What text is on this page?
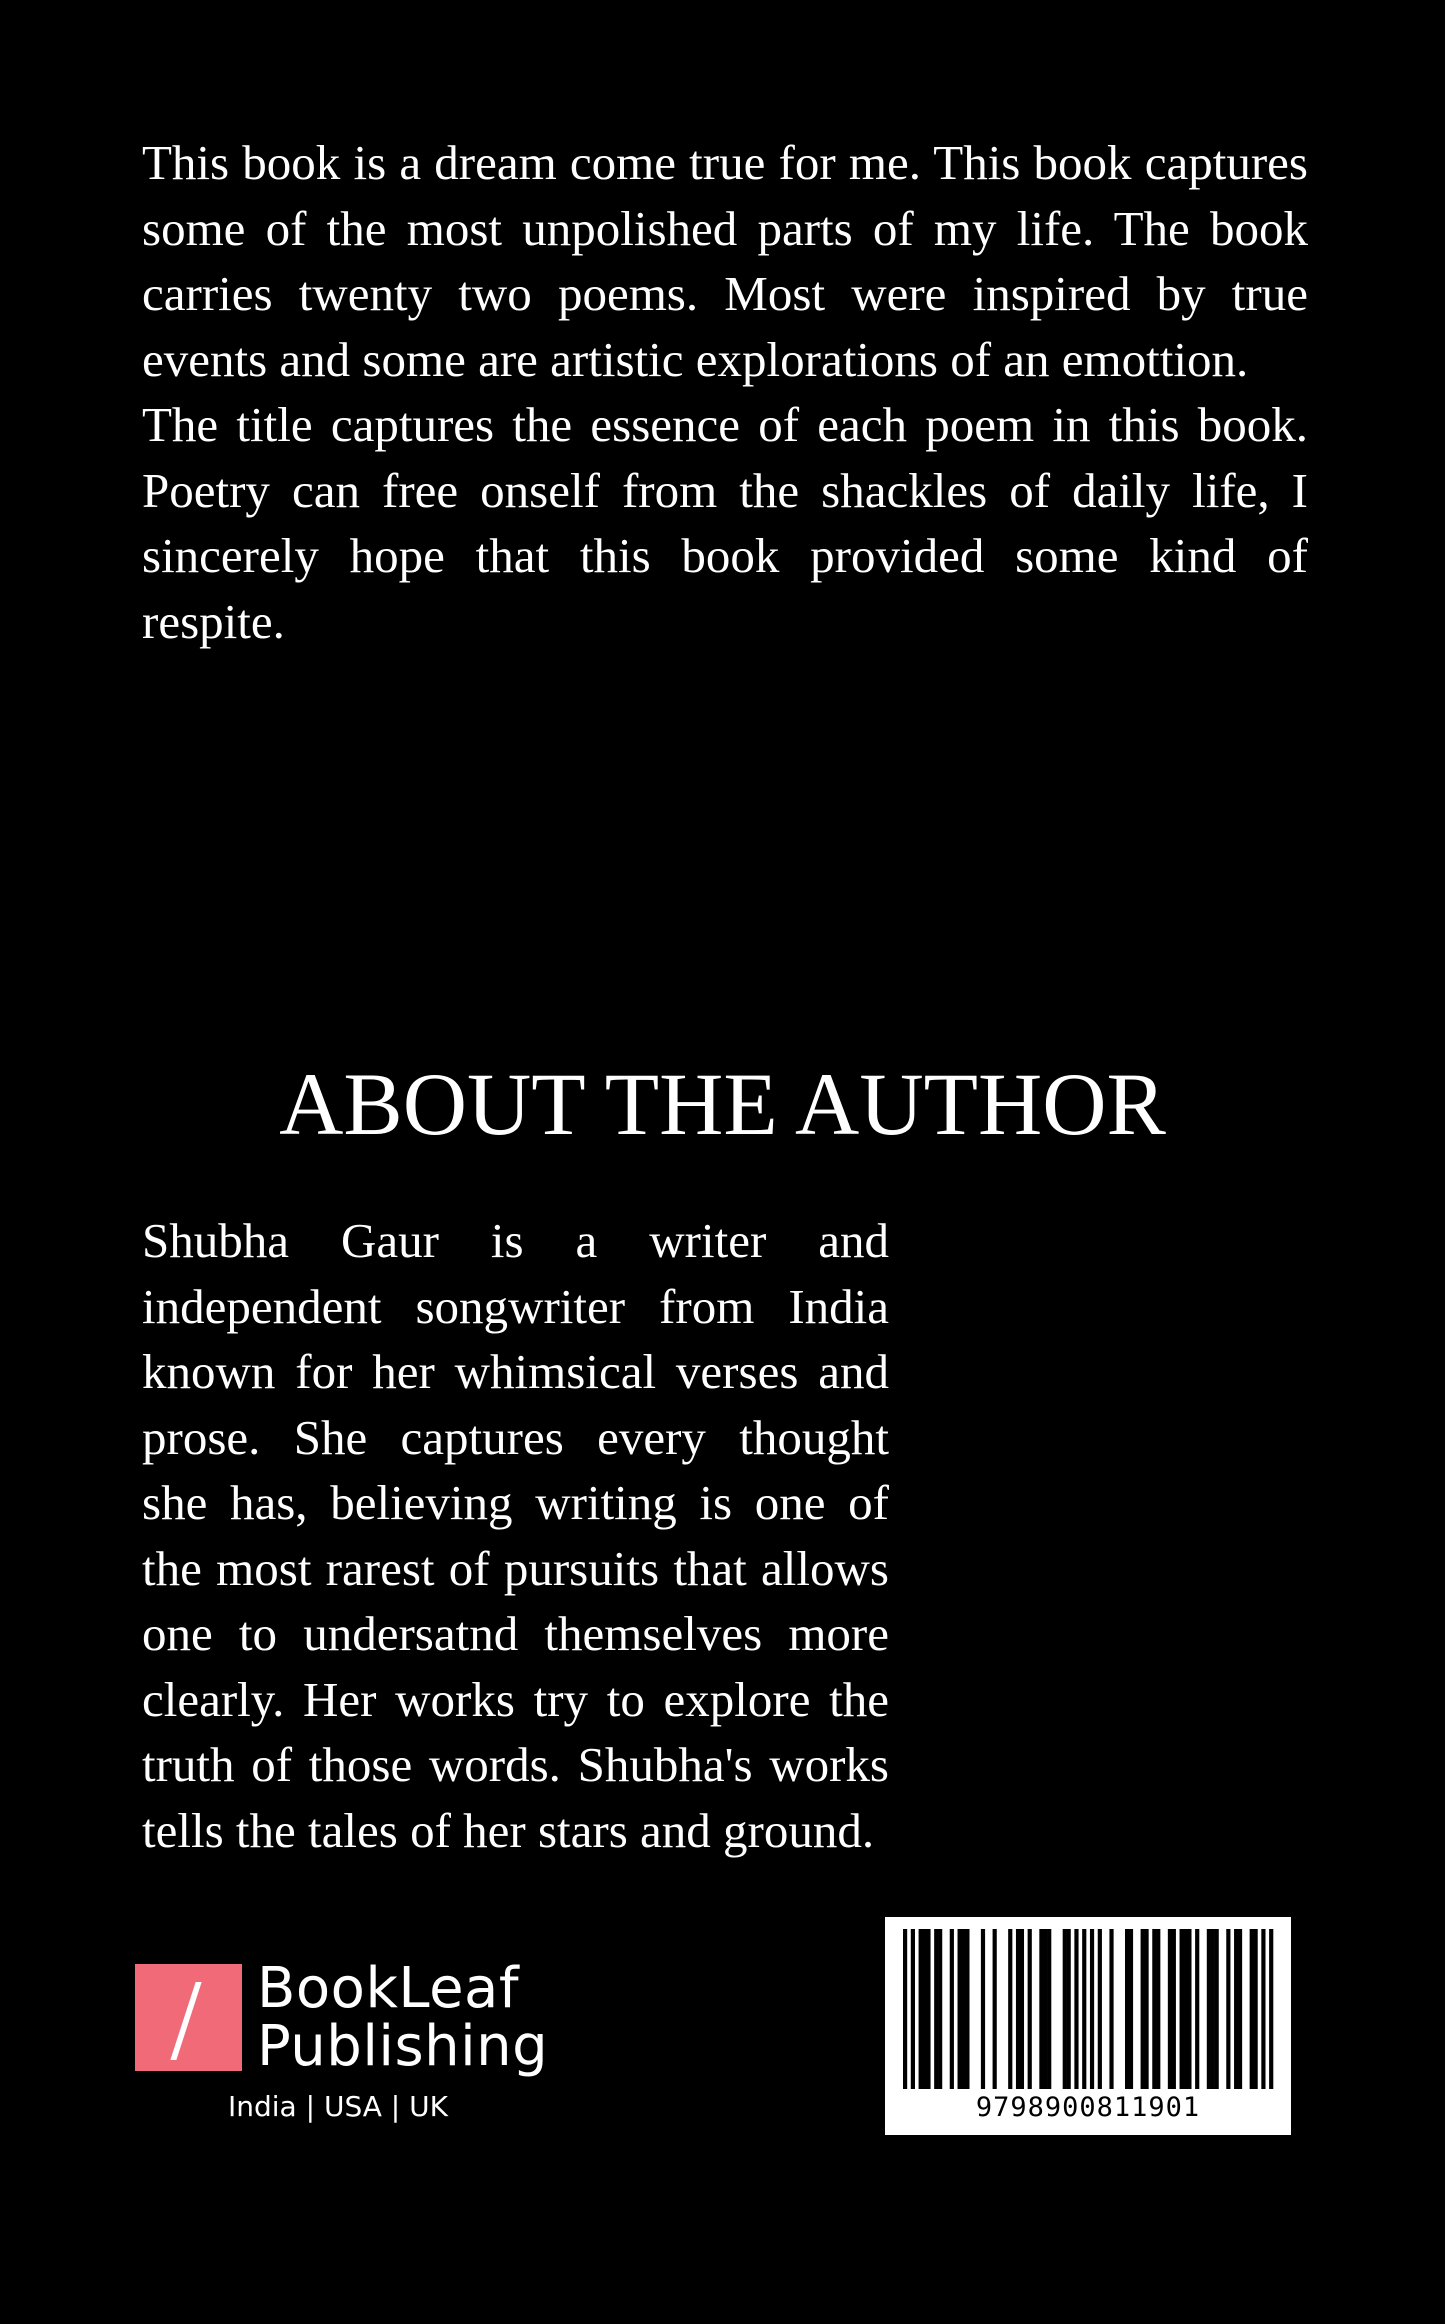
This book is a dream come true for me. This book captures some of the most unpolished parts of my life. The book carries twenty two poems. Most were inspired by true events and some are artistic explorations of an emottion.

The title captures the essence of each poem in this book. Poetry can free onself from the shackles of daily life, I sincerely hope that this book provided some kind of respite.

ABOUT THE AUTHOR
Shubha Gaur is a writer and
independent songwriter from India
known for her whimsical verses and
prose. She captures every thought
she has, believing writing is one of
the most rarest of pursuits that allows
one to undersatnd themselves more
clearly. Her works try to explore the
truth of those words. Shubha's works
tells the tales of her stars and ground.
BookLeaf
Publishing
India | USA | UK	9798900811901
